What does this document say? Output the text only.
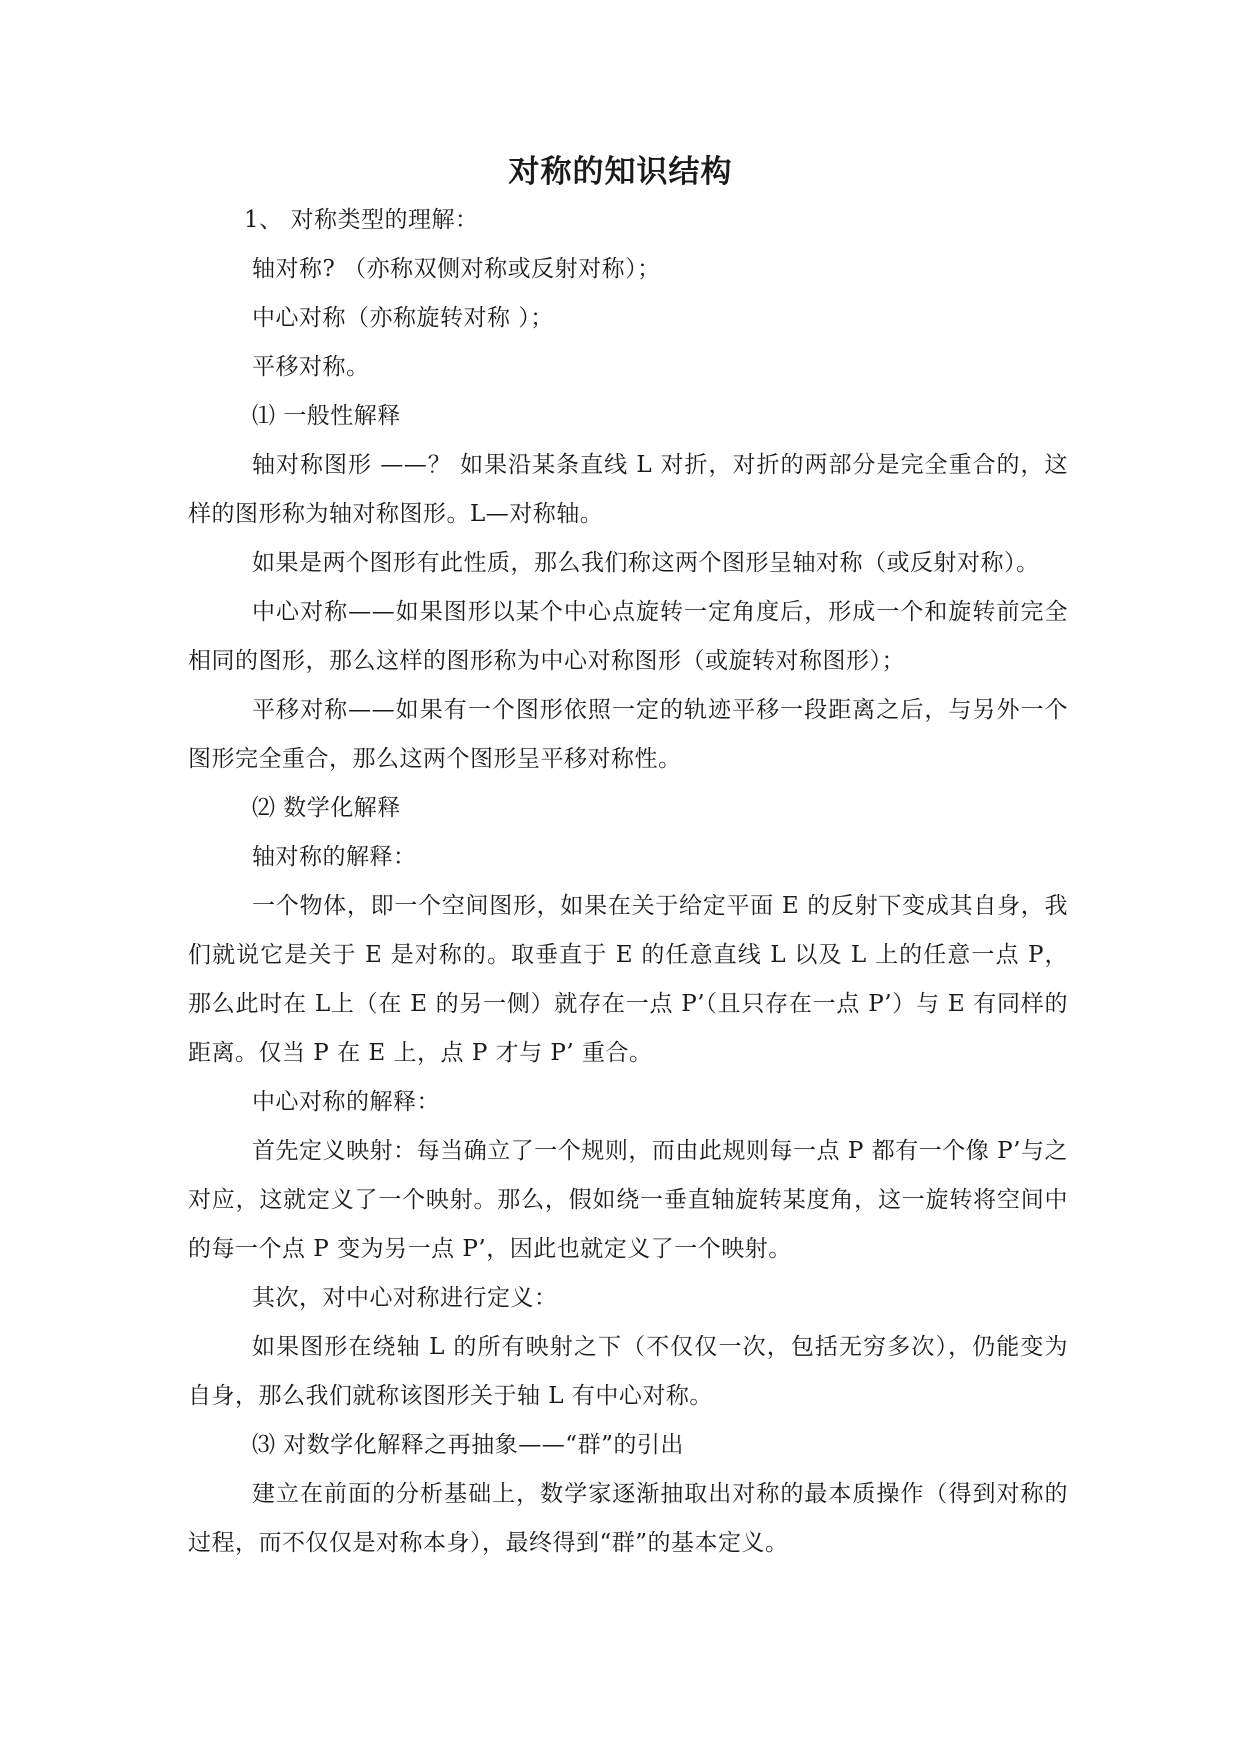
对称的知识结构

1、 对称类型的理解：

轴对称? （亦称双侧对称或反射对称）；

中心对称（亦称旋转对称 ）；

平移对称。

⑴ 一般性解释

轴对称图形 ——？ 如果沿某条直线 L 对折，对折的两部分是完全重合的，这样的图形称为轴对称图形。L—对称轴。

如果是两个图形有此性质，那么我们称这两个图形呈轴对称（或反射对称）。

中心对称——如果图形以某个中心点旋转一定角度后，形成一个和旋转前完全相同的图形，那么这样的图形称为中心对称图形（或旋转对称图形）；

平移对称——如果有一个图形依照一定的轨迹平移一段距离之后，与另外一个图形完全重合，那么这两个图形呈平移对称性。

⑵ 数学化解释

轴对称的解释：

一个物体，即一个空间图形，如果在关于给定平面 E 的反射下变成其自身，我们就说它是关于 E 是对称的。取垂直于 E 的任意直线 L 以及 L 上的任意一点 P，那么此时在 L上（在 E 的另一侧）就存在一点 P’（且只存在一点 P’）与 E 有同样的距离。仅当 P 在 E 上，点 P 才与 P’ 重合。

中心对称的解释：

首先定义映射：每当确立了一个规则，而由此规则每一点 P 都有一个像 P’与之对应，这就定义了一个映射。那么，假如绕一垂直轴旋转某度角，这一旋转将空间中的每一个点 P 变为另一点 P’，因此也就定义了一个映射。

其次，对中心对称进行定义：

如果图形在绕轴 L 的所有映射之下（不仅仅一次，包括无穷多次），仍能变为自身，那么我们就称该图形关于轴 L 有中心对称。

⑶ 对数学化解释之再抽象——“群”的引出

建立在前面的分析基础上，数学家逐渐抽取出对称的最本质操作（得到对称的过程，而不仅仅是对称本身），最终得到“群”的基本定义。
